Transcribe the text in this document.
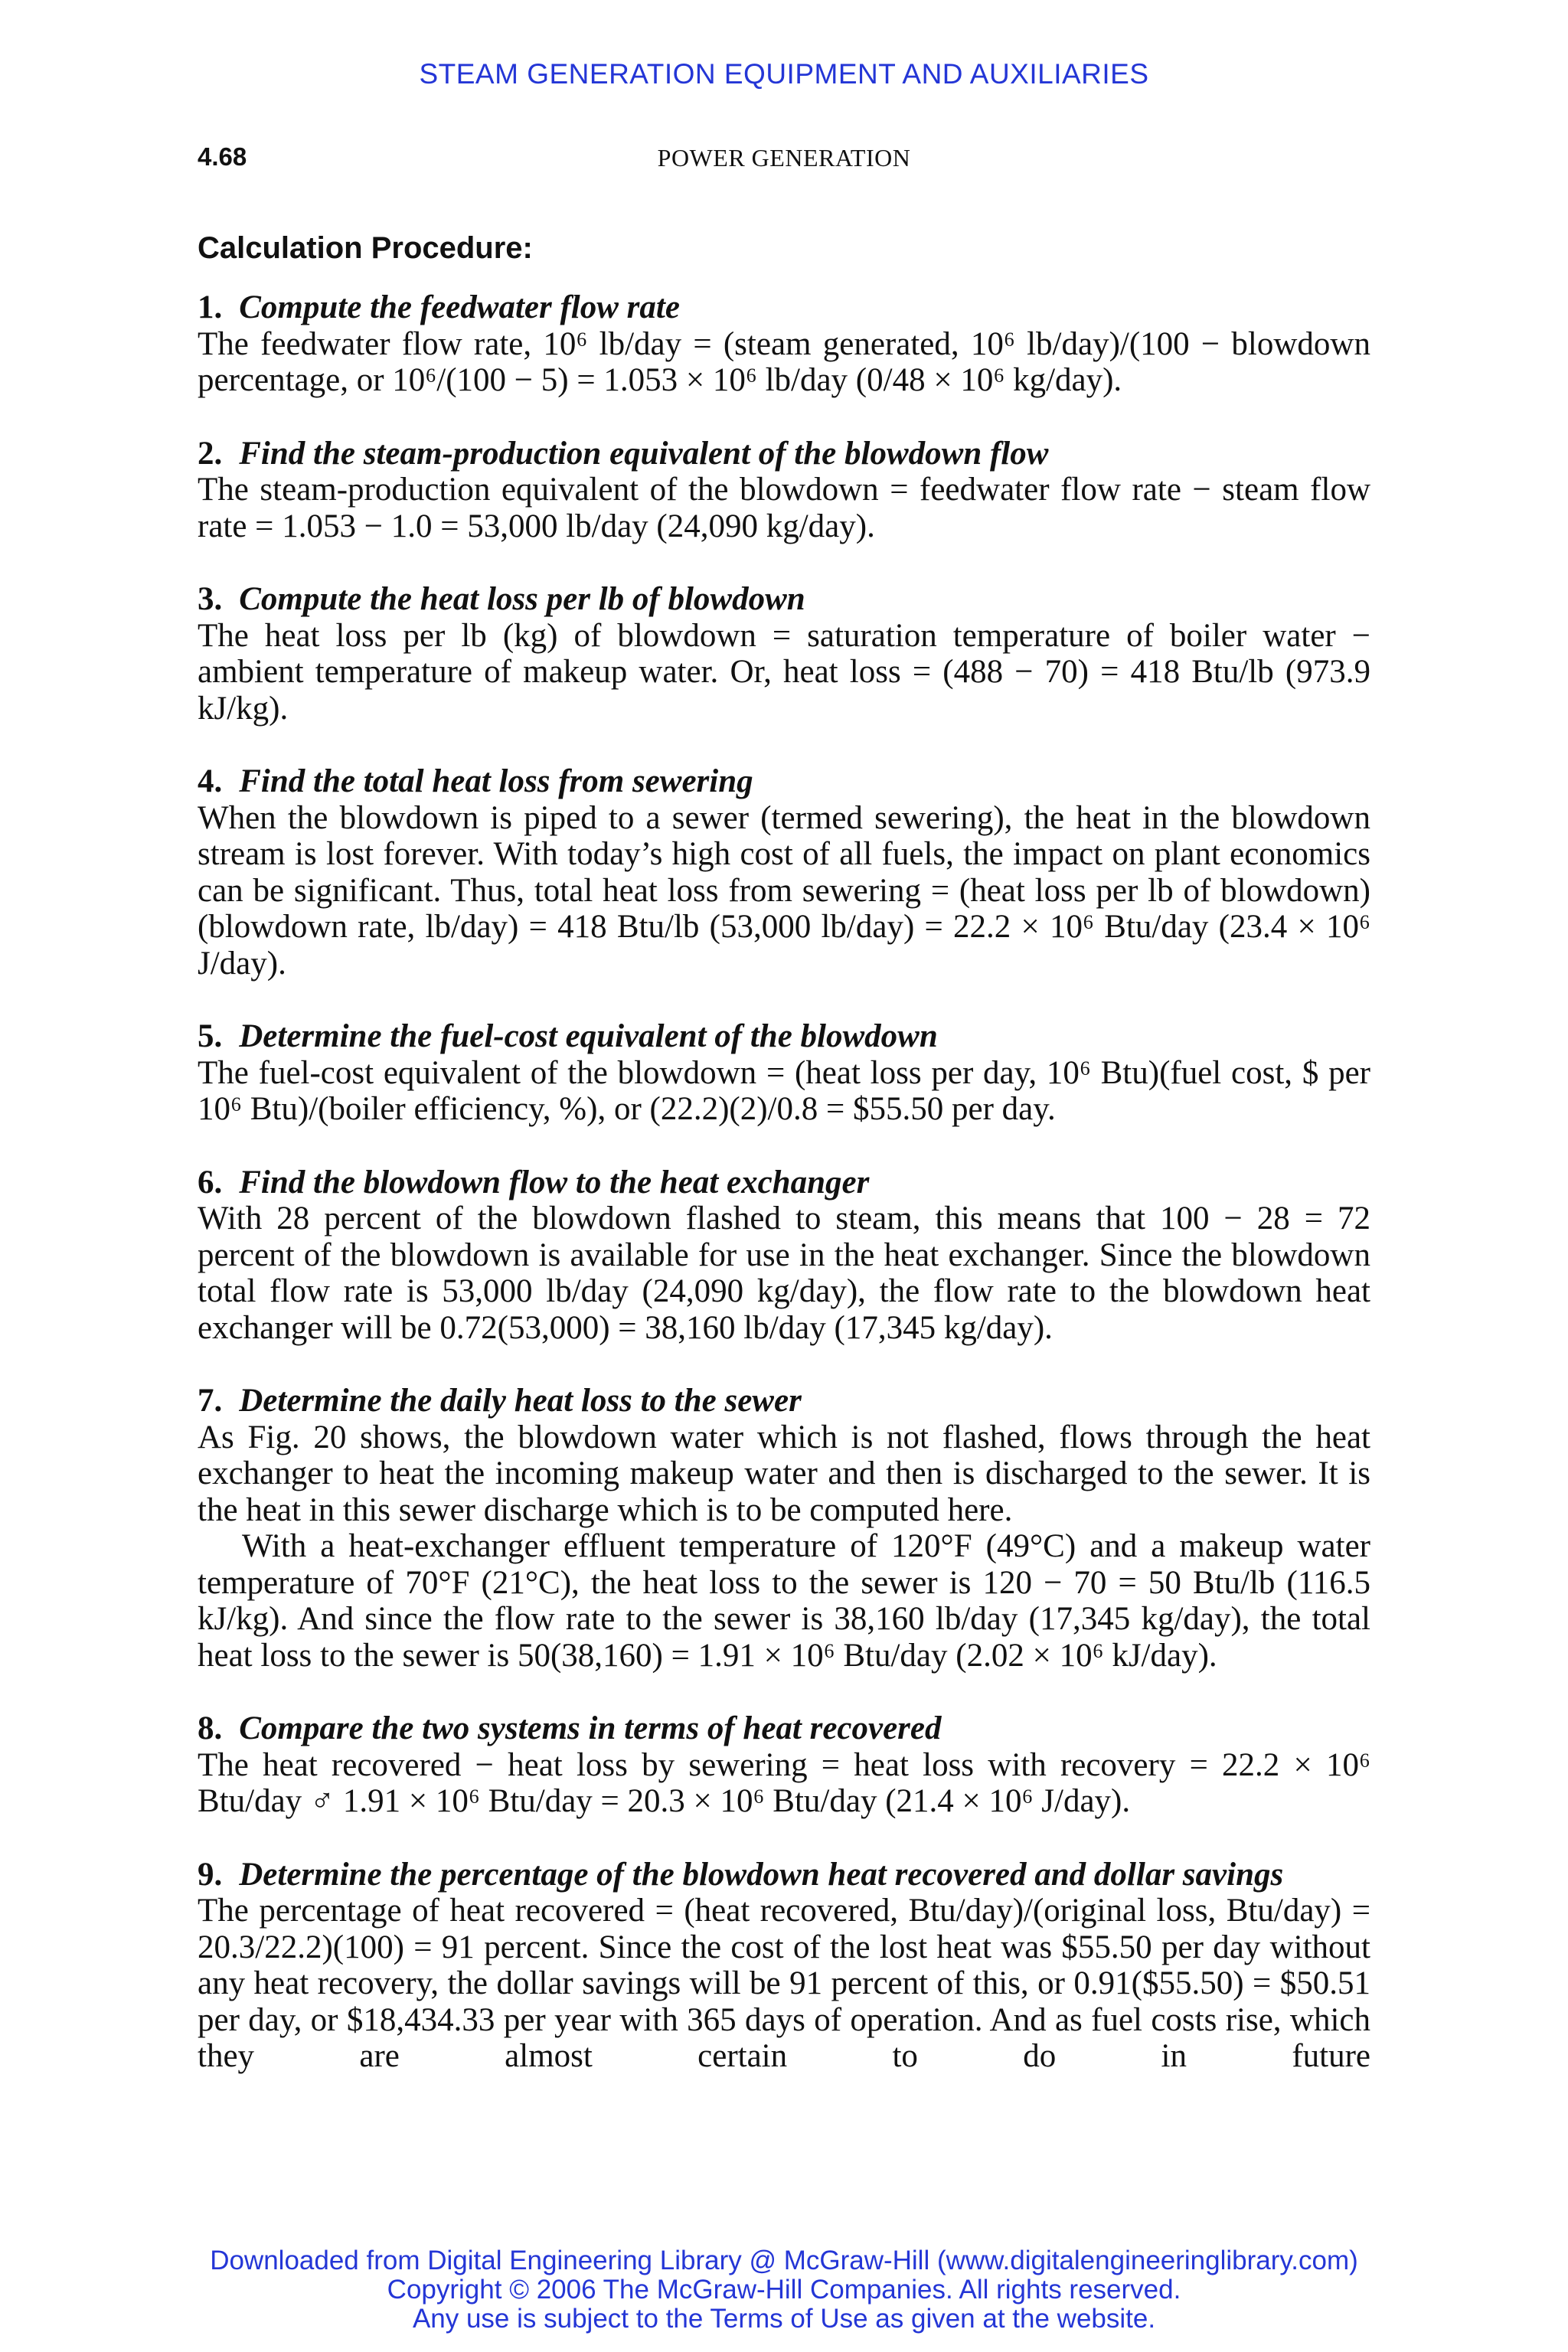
STEAM GENERATION EQUIPMENT AND AUXILIARIES
4.68	POWER GENERATION
Calculation Procedure:
1. Compute the feedwater flow rate
The feedwater flow rate, 10⁶ lb/day = (steam generated, 10⁶ lb/day)/(100 − blowdown percentage, or 10⁶/(100 − 5) = 1.053 × 10⁶ lb/day (0/48 × 10⁶ kg/day).
2. Find the steam-production equivalent of the blowdown flow
The steam-production equivalent of the blowdown = feedwater flow rate − steam flow rate = 1.053 − 1.0 = 53,000 lb/day (24,090 kg/day).
3. Compute the heat loss per lb of blowdown
The heat loss per lb (kg) of blowdown = saturation temperature of boiler water − ambient temperature of makeup water. Or, heat loss = (488 − 70) = 418 Btu/lb (973.9 kJ/kg).
4. Find the total heat loss from sewering
When the blowdown is piped to a sewer (termed sewering), the heat in the blowdown stream is lost forever. With today’s high cost of all fuels, the impact on plant economics can be significant. Thus, total heat loss from sewering = (heat loss per lb of blowdown) (blowdown rate, lb/day) = 418 Btu/lb (53,000 lb/day) = 22.2 × 10⁶ Btu/day (23.4 × 10⁶ J/day).
5. Determine the fuel-cost equivalent of the blowdown
The fuel-cost equivalent of the blowdown = (heat loss per day, 10⁶ Btu)(fuel cost, $ per 10⁶ Btu)/(boiler efficiency, %), or (22.2)(2)/0.8 = $55.50 per day.
6. Find the blowdown flow to the heat exchanger
With 28 percent of the blowdown flashed to steam, this means that 100 − 28 = 72 percent of the blowdown is available for use in the heat exchanger. Since the blowdown total flow rate is 53,000 lb/day (24,090 kg/day), the flow rate to the blowdown heat exchanger will be 0.72(53,000) = 38,160 lb/day (17,345 kg/day).
7. Determine the daily heat loss to the sewer
As Fig. 20 shows, the blowdown water which is not flashed, flows through the heat exchanger to heat the incoming makeup water and then is discharged to the sewer. It is the heat in this sewer discharge which is to be computed here.
With a heat-exchanger effluent temperature of 120°F (49°C) and a makeup water temperature of 70°F (21°C), the heat loss to the sewer is 120 − 70 = 50 Btu/lb (116.5 kJ/kg). And since the flow rate to the sewer is 38,160 lb/day (17,345 kg/day), the total heat loss to the sewer is 50(38,160) = 1.91 × 10⁶ Btu/day (2.02 × 10⁶ kJ/day).
8. Compare the two systems in terms of heat recovered
The heat recovered − heat loss by sewering = heat loss with recovery = 22.2 × 10⁶ Btu/day ♂ 1.91 × 10⁶ Btu/day = 20.3 × 10⁶ Btu/day (21.4 × 10⁶ J/day).
9. Determine the percentage of the blowdown heat recovered and dollar savings
The percentage of heat recovered = (heat recovered, Btu/day)/(original loss, Btu/day) = 20.3/22.2)(100) = 91 percent. Since the cost of the lost heat was $55.50 per day without any heat recovery, the dollar savings will be 91 percent of this, or 0.91($55.50) = $50.51 per day, or $18,434.33 per year with 365 days of operation. And as fuel costs rise, which they are almost certain to do in future
Downloaded from Digital Engineering Library @ McGraw-Hill (www.digitalengineeringlibrary.com)
Copyright © 2006 The McGraw-Hill Companies. All rights reserved.
Any use is subject to the Terms of Use as given at the website.
